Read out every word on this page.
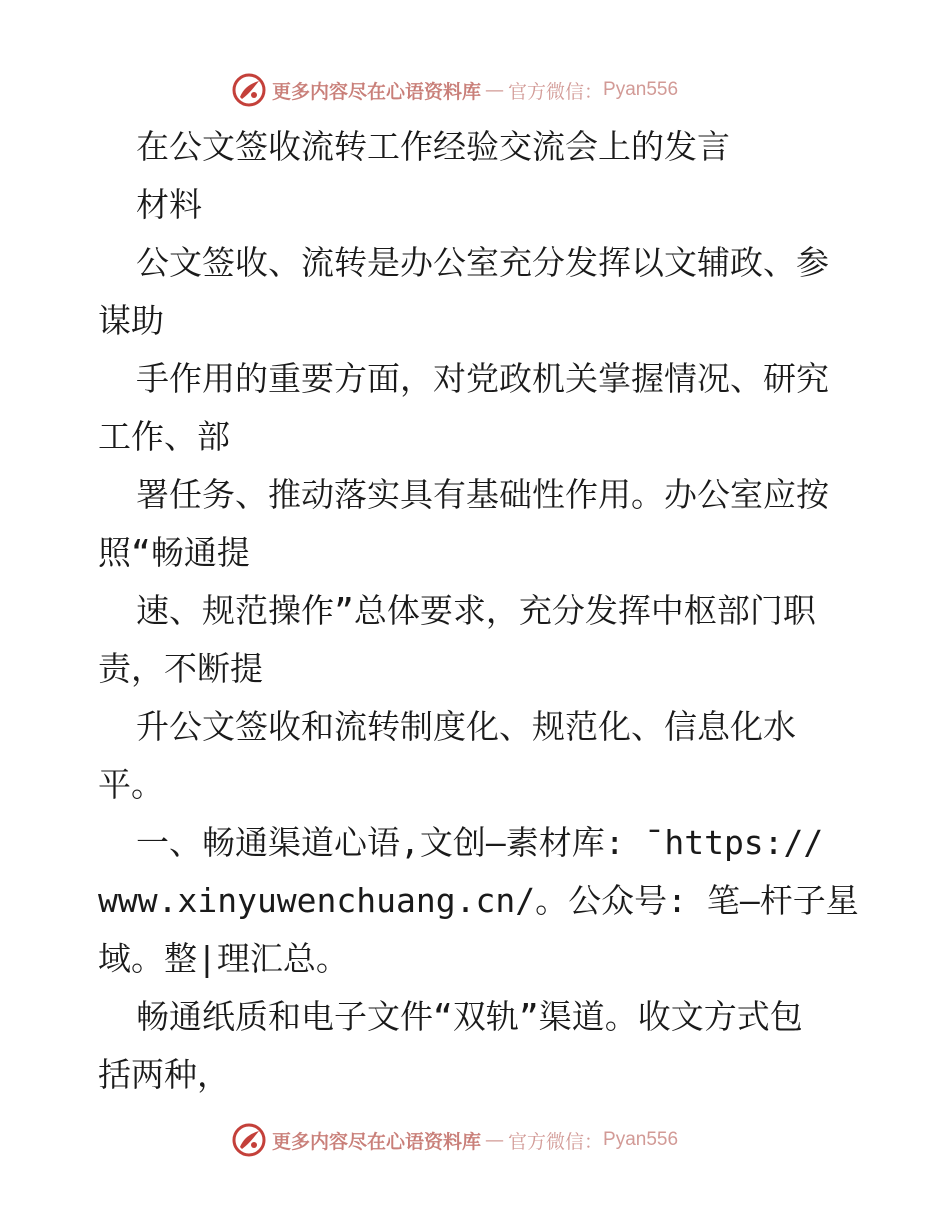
更多内容尽在心语资料库 — 官方微信： Pyan556
在公文签收流转工作经验交流会上的发言
材料
公文签收、流转是办公室充分发挥以文辅政、参
谋助
手作用的重要方面，对党政机关掌握情况、研究
工作、部
署任务、推动落实具有基础性作用。办公室应按
照“畅通提
速、规范操作”总体要求，充分发挥中枢部门职
责，不断提
升公文签收和流转制度化、规范化、信息化水
平。
一、畅通渠道心语,文创—素材库: ¯https://
www.xinyuwenchuang.cn/。公众号: 笔—杆子星
域。整|理汇总。
畅通纸质和电子文件“双轨”渠道。收文方式包
括两种，
更多内容尽在心语资料库 — 官方微信： Pyan556
